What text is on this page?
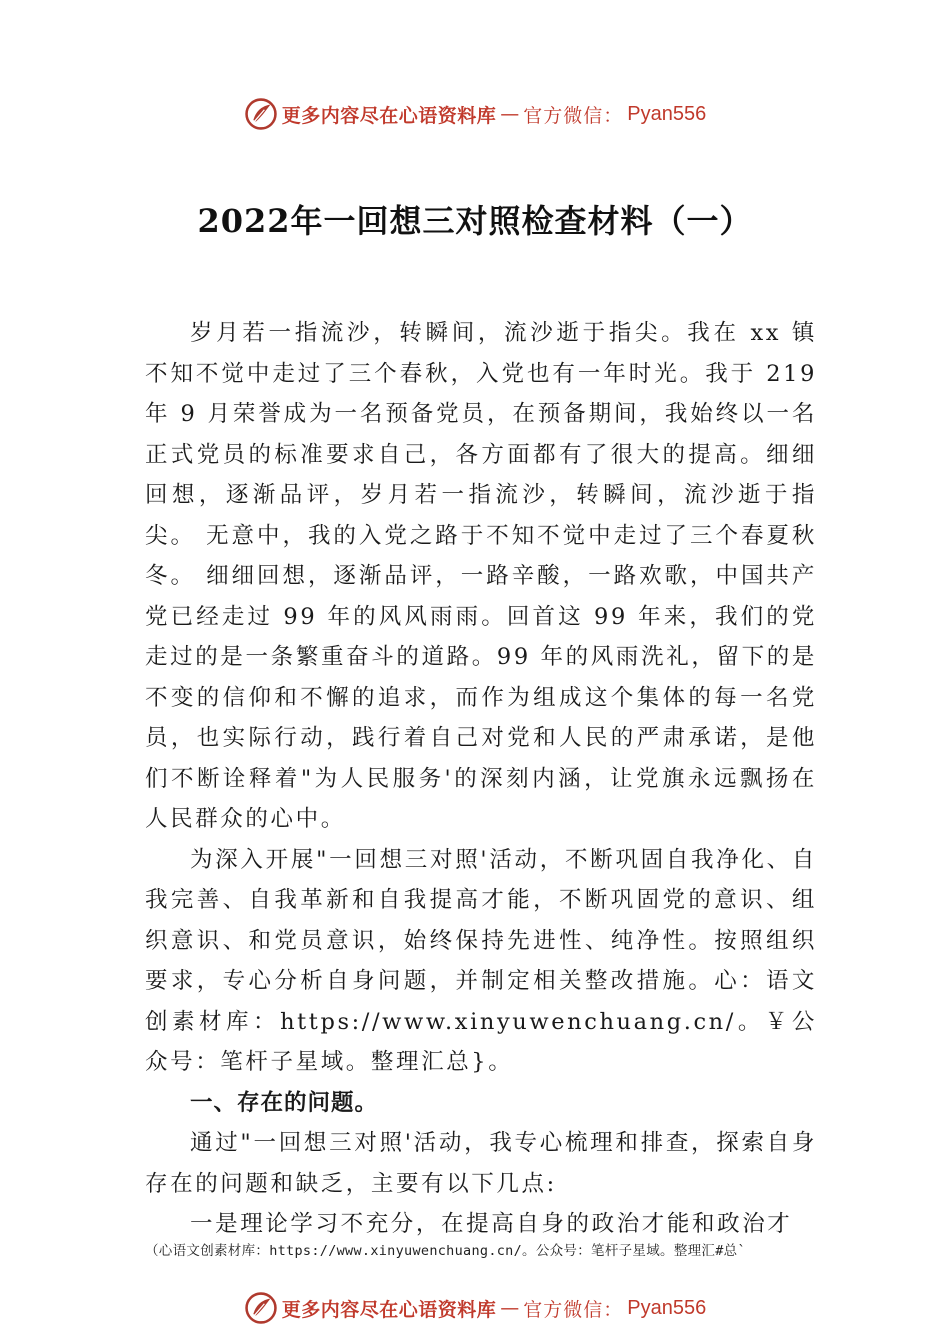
更多内容尽在心语资料库 — 官方微信： Pyan556
2022年一回想三对照检查材料（一）

岁月若一指流沙，转瞬间，流沙逝于指尖。我在 xx 镇不知不觉中走过了三个春秋，入党也有一年时光。我于 219 年 9 月荣誉成为一名预备党员，在预备期间，我始终以一名正式党员的标准要求自己，各方面都有了很大的提高。细细回想，逐渐品评，岁月若一指流沙，转瞬间，流沙逝于指尖。 无意中，我的入党之路于不知不觉中走过了三个春夏秋冬。 细细回想，逐渐品评，一路辛酸，一路欢歌，中国共产党已经走过 99 年的风风雨雨。回首这 99 年来，我们的党走过的是一条繁重奋斗的道路。99 年的风雨洗礼，留下的是不变的信仰和不懈的追求，而作为组成这个集体的每一名党员，也实际行动，践行着自己对党和人民的严肃承诺，是他们不断诠释着"为人民服务'的深刻内涵，让党旗永远飘扬在人民群众的心中。

为深入开展"一回想三对照'活动，不断巩固自我净化、自我完善、自我革新和自我提高才能，不断巩固党的意识、组织意识、和党员意识，始终保持先进性、纯净性。按照组织要求，专心分析自身问题，并制定相关整改措施。心：语文创素材库：https://www.xinyuwenchuang.cn/。￥公众号：笔杆子星域。整理汇总}。

一、存在的问题。

通过"一回想三对照'活动，我专心梳理和排查，探索自身存在的问题和缺乏，主要有以下几点:

一是理论学习不充分，在提高自身的政治才能和政治才

（心语文创素材库：https://www.xinyuwenchuang.cn/。公众号：笔杆子星域。整理汇#总`
更多内容尽在心语资料库 — 官方微信： Pyan556
